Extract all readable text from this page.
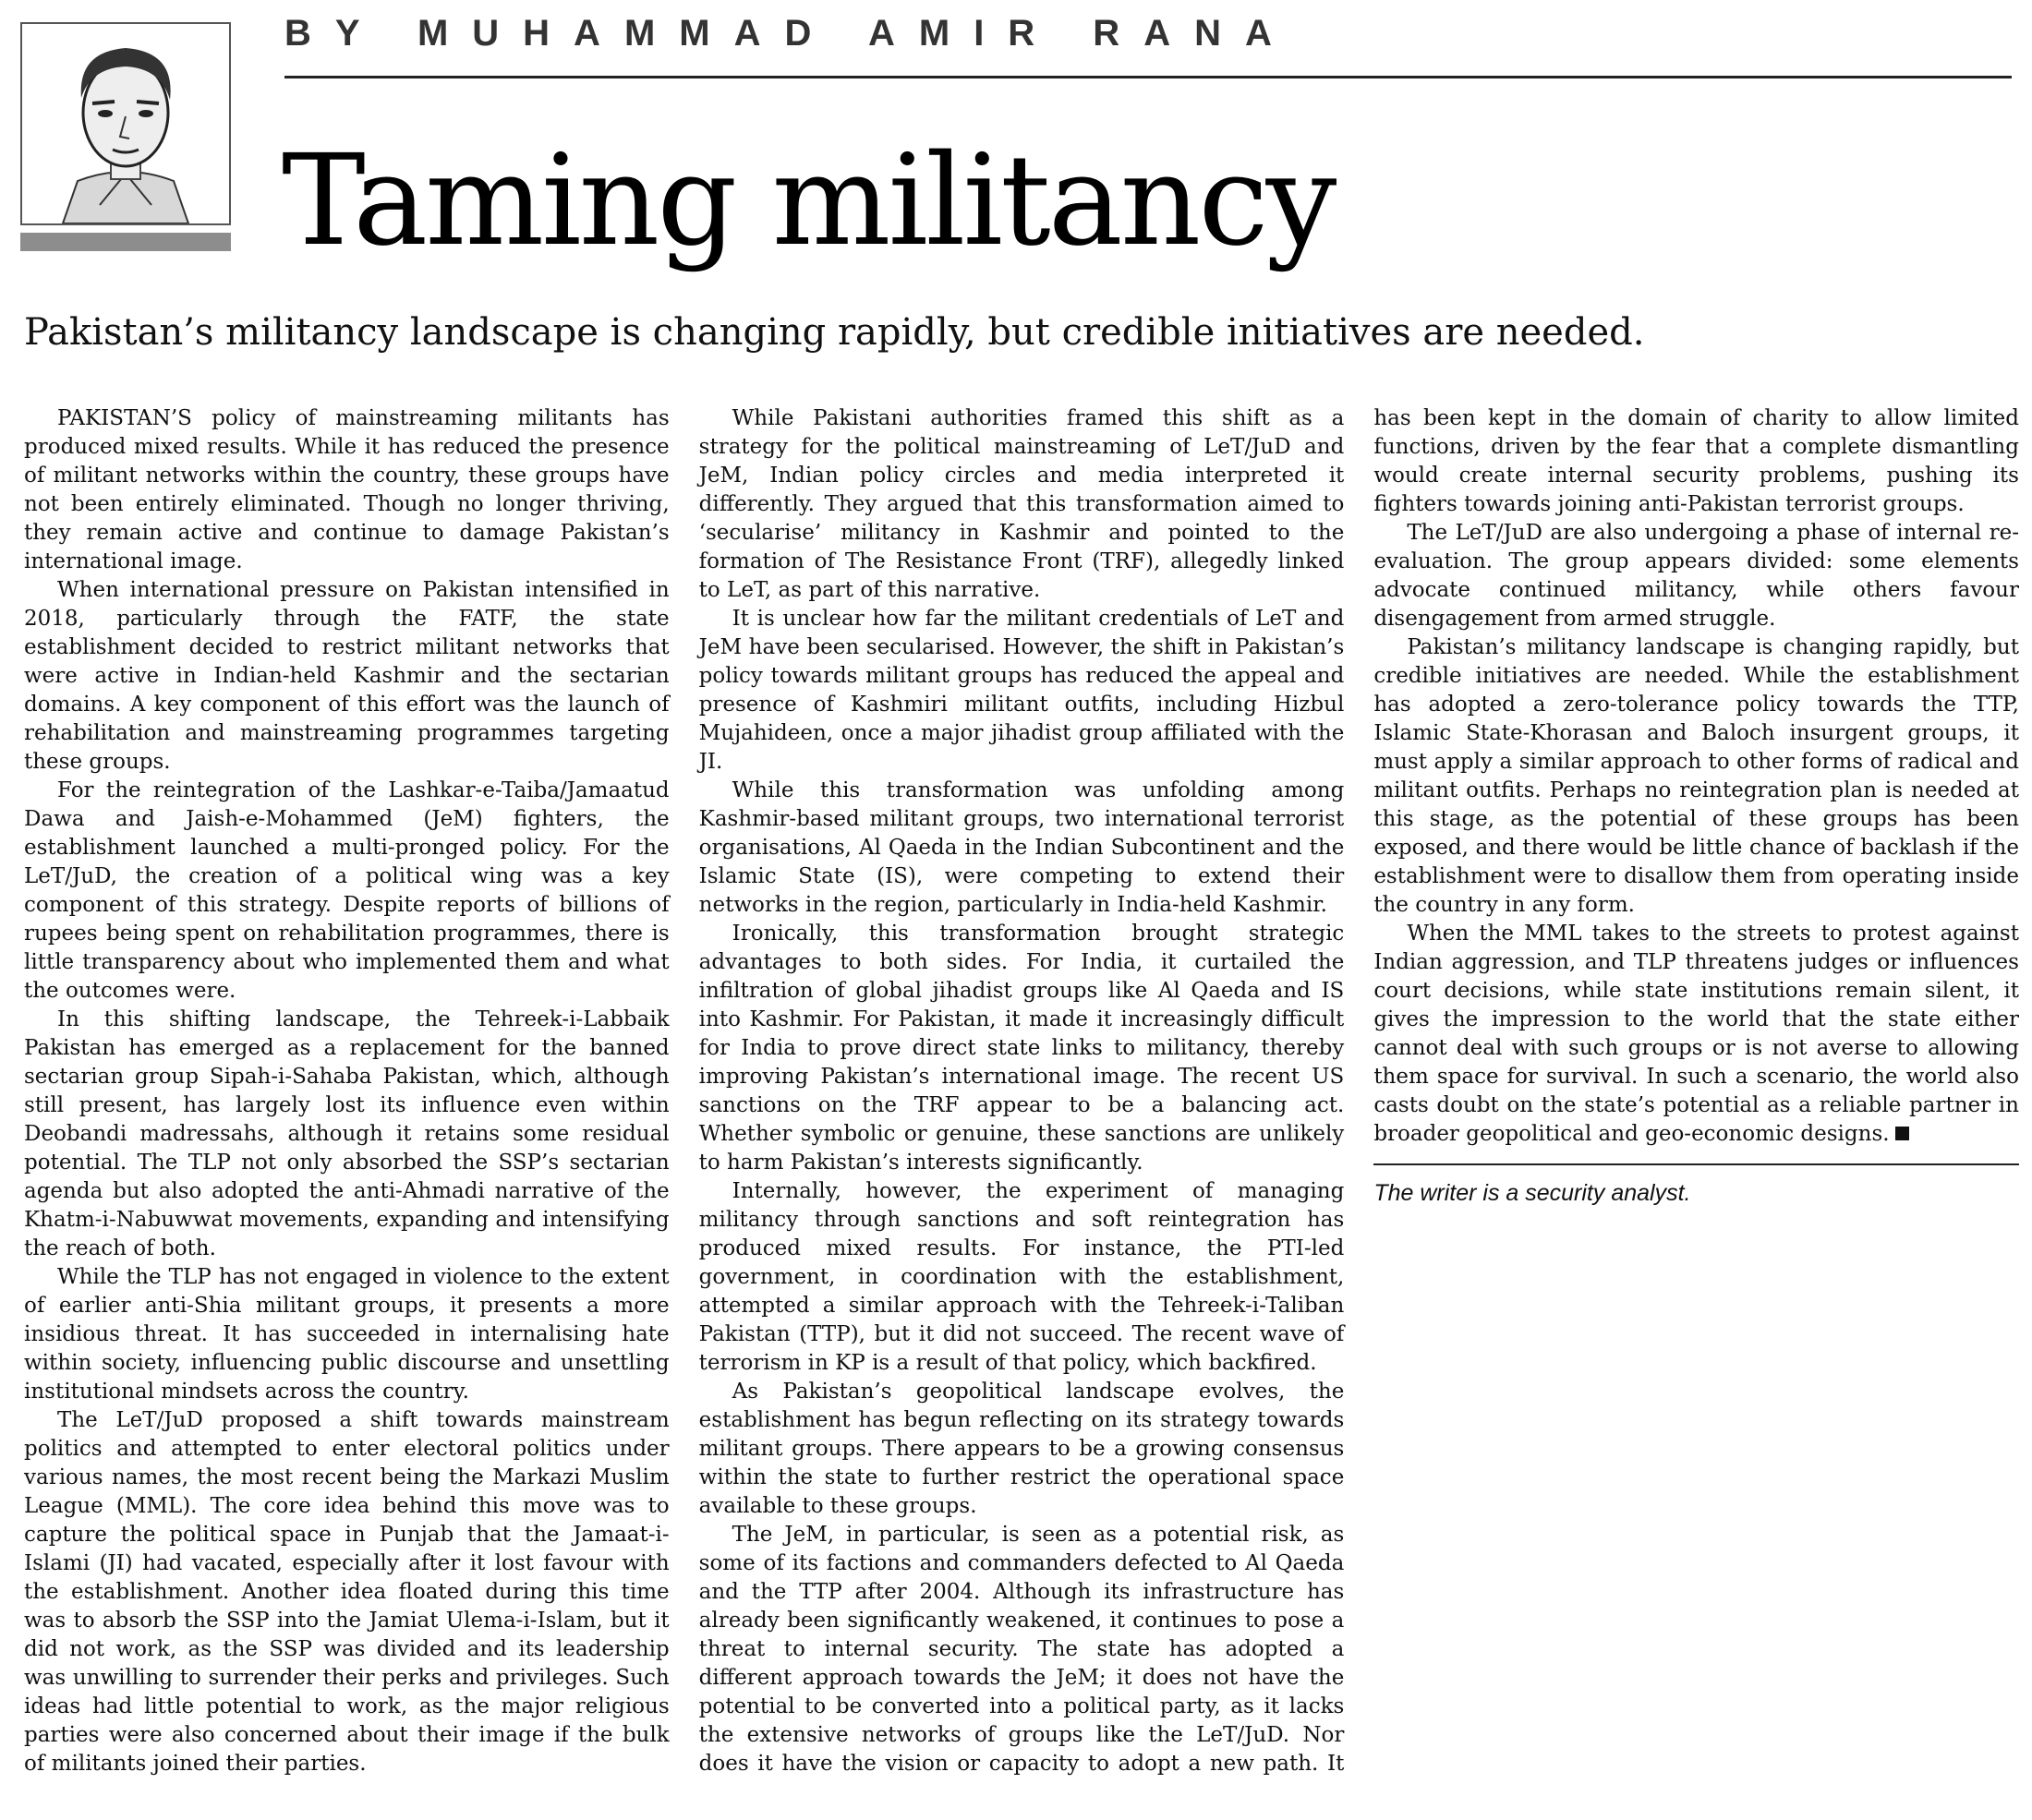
BY MUHAMMAD AMIR RANA
Taming militancy
Pakistan’s militancy landscape is changing rapidly, but credible initiatives are needed.

PAKISTAN’S policy of mainstreaming militants has produced mixed results. While it has reduced the presence of militant networks within the country, these groups have not been entirely eliminated. Though no longer thriving, they remain active and continue to damage Pakistan’s international image.

When international pressure on Pakistan intensified in 2018, particularly through the FATF, the state establishment decided to restrict militant networks that were active in Indian-held Kashmir and the sectarian domains. A key component of this effort was the launch of rehabilitation and mainstreaming programmes targeting these groups.

For the reintegration of the Lashkar-e-Taiba/Jamaatud Dawa and Jaish-e-Mohammed (JeM) fighters, the establishment launched a multi-pronged policy. For the LeT/JuD, the creation of a political wing was a key component of this strategy. Despite reports of billions of rupees being spent on rehabilitation programmes, there is little transparency about who implemented them and what the outcomes were.

In this shifting landscape, the Tehreek-i-Labbaik Pakistan has emerged as a replacement for the banned sectarian group Sipah-i-Sahaba Pakistan, which, although still present, has largely lost its influence even within Deobandi madressahs, although it retains some residual potential. The TLP not only absorbed the SSP’s sectarian agenda but also adopted the anti-Ahmadi narrative of the Khatm-i-Nabuwwat movements, expanding and intensifying the reach of both.

While the TLP has not engaged in violence to the extent of earlier anti-Shia militant groups, it presents a more insidious threat. It has succeeded in internalising hate within society, influencing public discourse and unsettling institutional mindsets across the country.

The LeT/JuD proposed a shift towards mainstream politics and attempted to enter electoral politics under various names, the most recent being the Markazi Muslim League (MML). The core idea behind this move was to capture the political space in Punjab that the Jamaat-i-Islami (JI) had vacated, especially after it lost favour with the establishment. Another idea floated during this time was to absorb the SSP into the Jamiat Ulema-i-Islam, but it did not work, as the SSP was divided and its leadership was unwilling to surrender their perks and privileges. Such ideas had little potential to work, as the major religious parties were also concerned about their image if the bulk of militants joined their parties.

While Pakistani authorities framed this shift as a strategy for the political mainstreaming of LeT/JuD and JeM, Indian policy circles and media interpreted it differently. They argued that this transformation aimed to ‘secularise’ militancy in Kashmir and pointed to the formation of The Resistance Front (TRF), allegedly linked to LeT, as part of this narrative.

It is unclear how far the militant credentials of LeT and JeM have been secularised. However, the shift in Pakistan’s policy towards militant groups has reduced the appeal and presence of Kashmiri militant outfits, including Hizbul Mujahideen, once a major jihadist group affiliated with the JI.

While this transformation was unfolding among Kashmir-based militant groups, two international terrorist organisations, Al Qaeda in the Indian Subcontinent and the Islamic State (IS), were competing to extend their networks in the region, particularly in India-held Kashmir.

Ironically, this transformation brought strategic advantages to both sides. For India, it curtailed the infiltration of global jihadist groups like Al Qaeda and IS into Kashmir. For Pakistan, it made it increasingly difficult for India to prove direct state links to militancy, thereby improving Pakistan’s international image. The recent US sanctions on the TRF appear to be a balancing act. Whether symbolic or genuine, these sanctions are unlikely to harm Pakistan’s interests significantly.

Internally, however, the experiment of managing militancy through sanctions and soft reintegration has produced mixed results. For instance, the PTI-led government, in coordination with the establishment, attempted a similar approach with the Tehreek-i-Taliban Pakistan (TTP), but it did not succeed. The recent wave of terrorism in KP is a result of that policy, which backfired.

As Pakistan’s geopolitical landscape evolves, the establishment has begun reflecting on its strategy towards militant groups. There appears to be a growing consensus within the state to further restrict the operational space available to these groups.

The JeM, in particular, is seen as a potential risk, as some of its factions and commanders defected to Al Qaeda and the TTP after 2004. Although its infrastructure has already been significantly weakened, it continues to pose a threat to internal security. The state has adopted a different approach towards the JeM; it does not have the potential to be converted into a political party, as it lacks the extensive networks of groups like the LeT/JuD. Nor does it have the vision or capacity to adopt a new path. It has been kept in the domain of charity to allow limited functions, driven by the fear that a complete dismantling would create internal security problems, pushing its fighters towards joining anti-Pakistan terrorist groups.

The LeT/JuD are also undergoing a phase of internal re-evaluation. The group appears divided: some elements advocate continued militancy, while others favour disengagement from armed struggle.

Pakistan’s militancy landscape is changing rapidly, but credible initiatives are needed. While the establishment has adopted a zero-tolerance policy towards the TTP, Islamic State-Khorasan and Baloch insurgent groups, it must apply a similar approach to other forms of radical and militant outfits. Perhaps no reintegration plan is needed at this stage, as the potential of these groups has been exposed, and there would be little chance of backlash if the establishment were to disallow them from operating inside the country in any form.

When the MML takes to the streets to protest against Indian aggression, and TLP threatens judges or influences court decisions, while state institutions remain silent, it gives the impression to the world that the state either cannot deal with such groups or is not averse to allowing them space for survival. In such a scenario, the world also casts doubt on the state’s potential as a reliable partner in broader geopolitical and geo-economic designs.

The writer is a security analyst.
